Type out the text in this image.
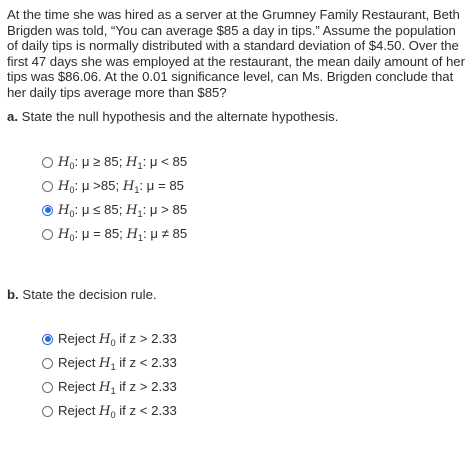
At the time she was hired as a server at the Grumney Family Restaurant, Beth Brigden was told, “You can average $85 a day in tips.” Assume the population of daily tips is normally distributed with a standard deviation of $4.50. Over the first 47 days she was employed at the restaurant, the mean daily amount of her tips was $86.06. At the 0.01 significance level, can Ms. Brigden conclude that her daily tips average more than $85?

a. State the null hypothesis and the alternate hypothesis.
$H_0$: μ ≥ 85; $H_1$: μ < 85
$H_0$: μ >85; $H_1$: μ = 85
$H_0$: μ ≤ 85; $H_1$: μ > 85
$H_0$: μ = 85; $H_1$: μ ≠ 85
b. State the decision rule.
Reject $H_0$ if z > 2.33
Reject $H_1$ if z < 2.33
Reject $H_1$ if z > 2.33
Reject $H_0$ if z < 2.33
